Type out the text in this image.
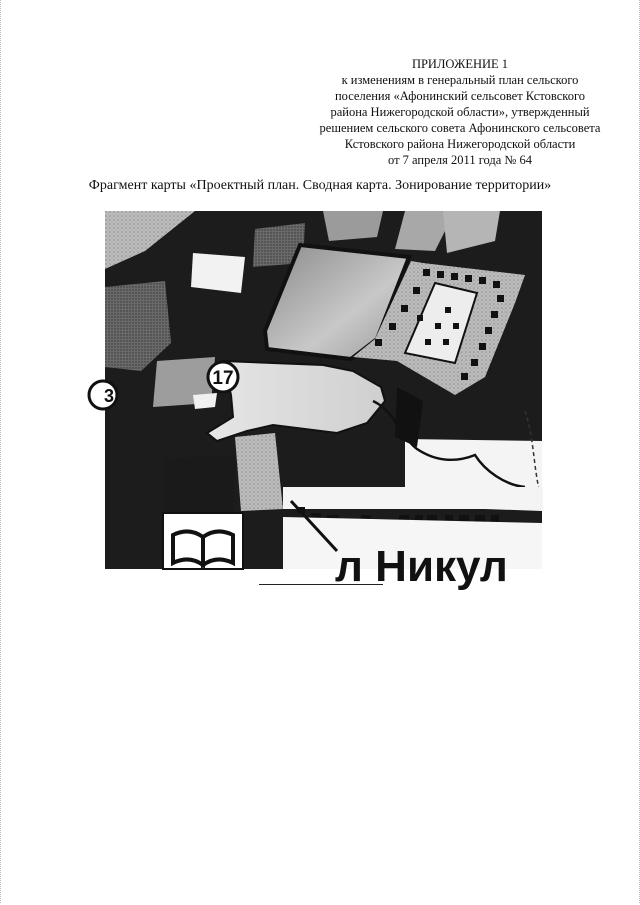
ПРИЛОЖЕНИЕ 1
к изменениям в генеральный план сельского
поселения «Афонинский сельсовет Кстовского
района Нижегородской области», утвержденный
решением сельского совета Афонинского сельсовета
Кстовского района Нижегородской области
от 7 апреля 2011 года № 64
Фрагмент карты «Проектный план. Сводная карта. Зонирование территории»
17
3
л Никул
